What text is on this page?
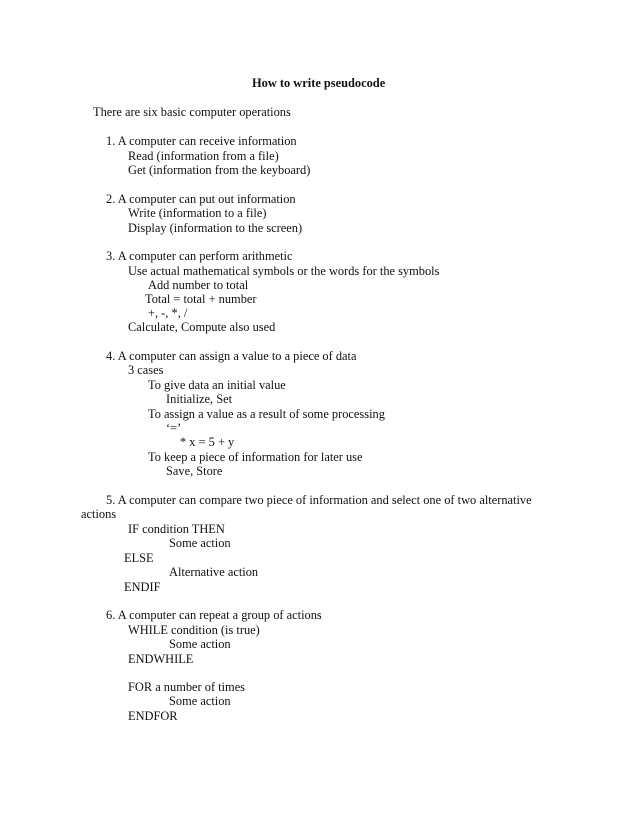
How to write pseudocode
There are six basic computer operations
1. A computer can receive information
Read (information from a file)
Get (information from the keyboard)
2. A computer can put out information
Write (information to a file)
Display (information to the screen)
3. A computer can perform arithmetic
Use actual mathematical symbols or the words for the symbols
Add number to total
Total = total + number
+, -, *, /
Calculate, Compute also used
4. A computer can assign a value to a piece of data
3 cases
To give data an initial value
Initialize, Set
To assign a value as a result of some processing
‘=’
* x = 5 + y
To keep a piece of information for later use
Save, Store
5. A computer can compare two piece of information and select one of two alternative
actions
IF condition THEN
Some action
ELSE
Alternative action
ENDIF
6. A computer can repeat a group of actions
WHILE condition (is true)
Some action
ENDWHILE
FOR a number of times
Some action
ENDFOR
